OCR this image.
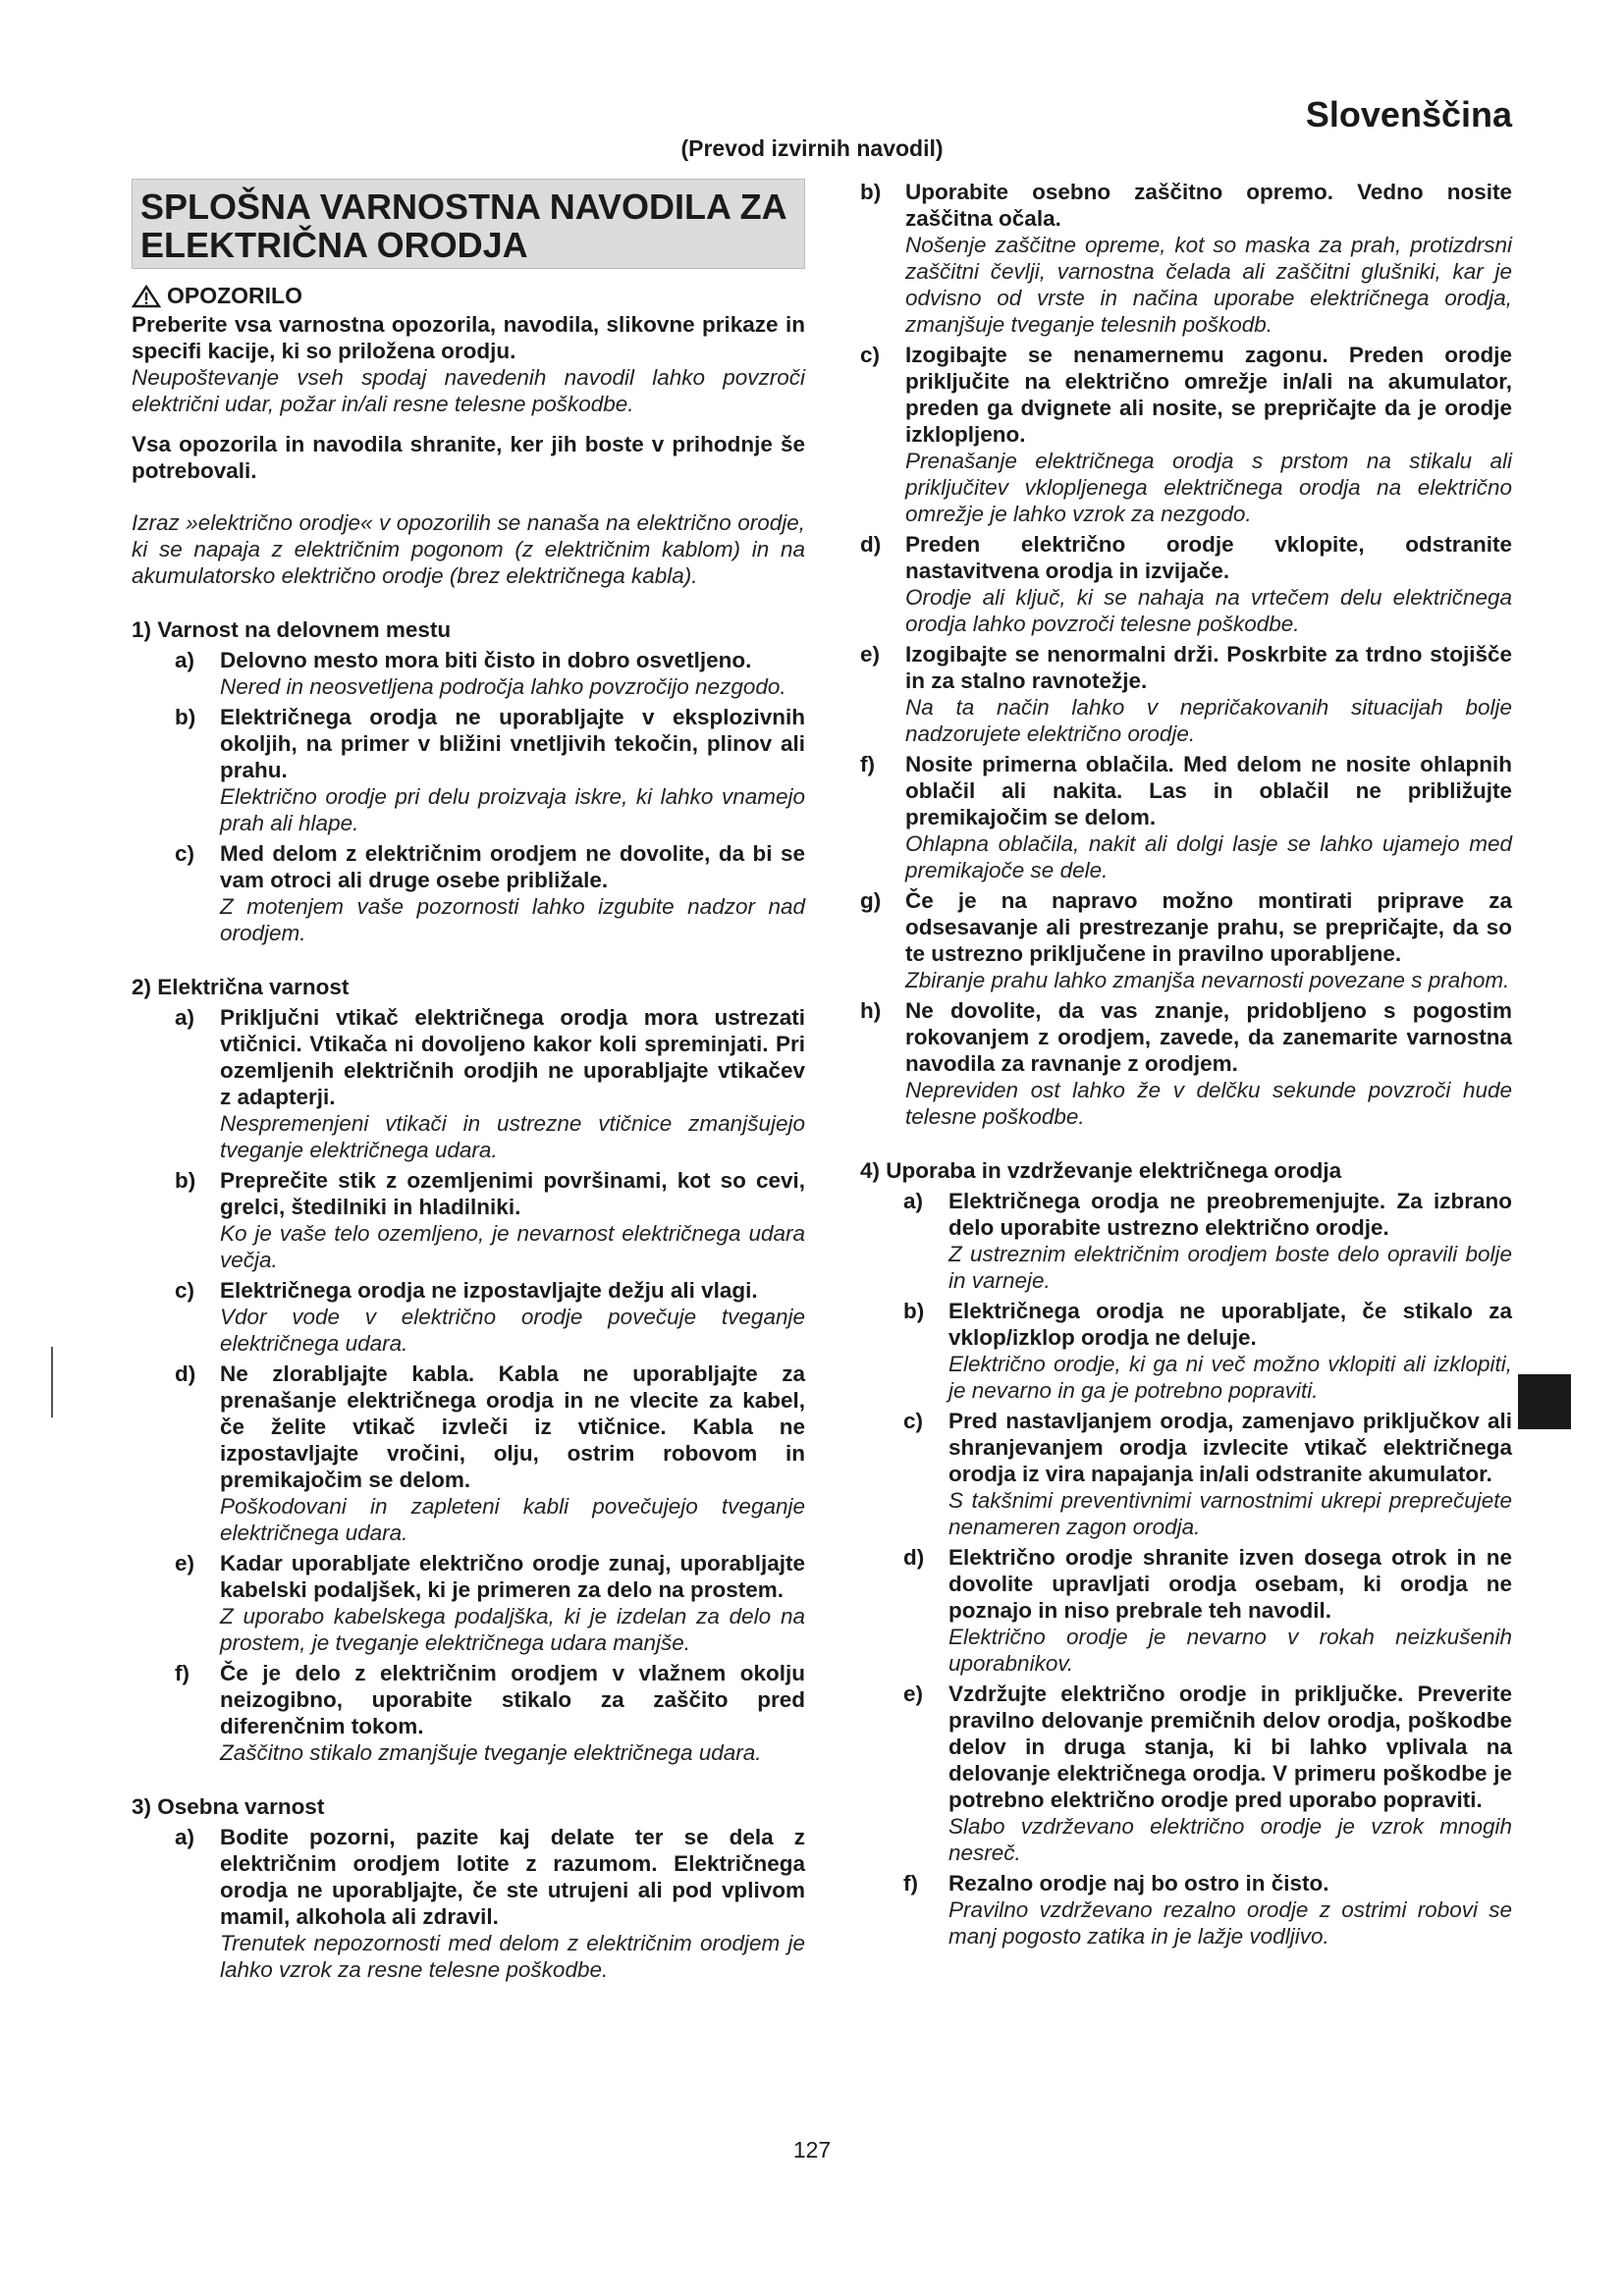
Slovenščina
(Prevod izvirnih navodil)
SPLOŠNA VARNOSTNA NAVODILA ZA ELEKTRIČNA ORODJA
OPOZORILO

Preberite vsa varnostna opozorila, navodila, slikovne prikaze in specifi kacije, ki so priložena orodju.

Neupoštevanje vseh spodaj navedenih navodil lahko povzroči električni udar, požar in/ali resne telesne poškodbe.

Vsa opozorila in navodila shranite, ker jih boste v prihodnje še potrebovali.

Izraz »električno orodje« v opozorilih se nanaša na električno orodje, ki se napaja z električnim pogonom (z električnim kablom) in na akumulatorsko električno orodje (brez električnega kabla).

1) Varnost na delovnem mestu
a)	Delovno mesto mora biti čisto in dobro osvetljeno.

Nered in neosvetljena področja lahko povzročijo nezgodo.

b)	Električnega orodja ne uporabljajte v eksplozivnih okoljih, na primer v bližini vnetljivih tekočin, plinov ali prahu.

Električno orodje pri delu proizvaja iskre, ki lahko vnamejo prah ali hlape.

c)	Med delom z električnim orodjem ne dovolite, da bi se vam otroci ali druge osebe približale.

Z motenjem vaše pozornosti lahko izgubite nadzor nad orodjem.

2) Električna varnost
a)	Priključni vtikač električnega orodja mora ustrezati vtičnici. Vtikača ni dovoljeno kakor koli spreminjati. Pri ozemljenih električnih orodjih ne uporabljajte vtikačev z adapterji.

Nespremenjeni vtikači in ustrezne vtičnice zmanjšujejo tveganje električnega udara.

b)	Preprečite stik z ozemljenimi površinami, kot so cevi, grelci, štedilniki in hladilniki.

Ko je vaše telo ozemljeno, je nevarnost električnega udara večja.

c)	Električnega orodja ne izpostavljajte dežju ali vlagi.

Vdor vode v električno orodje povečuje tveganje električnega udara.

d)	Ne zlorabljajte kabla. Kabla ne uporabljajte za prenašanje električnega orodja in ne vlecite za kabel, če želite vtikač izvleči iz vtičnice. Kabla ne izpostavljajte vročini, olju, ostrim robovom in premikajočim se delom.

Poškodovani in zapleteni kabli povečujejo tveganje električnega udara.

e)	Kadar uporabljate električno orodje zunaj, uporabljajte kabelski podaljšek, ki je primeren za delo na prostem.

Z uporabo kabelskega podaljška, ki je izdelan za delo na prostem, je tveganje električnega udara manjše.

f)	Če je delo z električnim orodjem v vlažnem okolju neizogibno, uporabite stikalo za zaščito pred diferenčnim tokom.

Zaščitno stikalo zmanjšuje tveganje električnega udara.

3) Osebna varnost
a)	Bodite pozorni, pazite kaj delate ter se dela z električnim orodjem lotite z razumom. Električnega orodja ne uporabljajte, če ste utrujeni ali pod vplivom mamil, alkohola ali zdravil.

Trenutek nepozornosti med delom z električnim orodjem je lahko vzrok za resne telesne poškodbe.

b)	Uporabite osebno zaščitno opremo. Vedno nosite zaščitna očala.

Nošenje zaščitne opreme, kot so maska za prah, protizdrsni zaščitni čevlji, varnostna čelada ali zaščitni glušniki, kar je odvisno od vrste in načina uporabe električnega orodja, zmanjšuje tveganje telesnih poškodb.

c)	Izogibajte se nenamernemu zagonu. Preden orodje priključite na električno omrežje in/ali na akumulator, preden ga dvignete ali nosite, se prepričajte da je orodje izklopljeno.

Prenašanje električnega orodja s prstom na stikalu ali priključitev vklopljenega električnega orodja na električno omrežje je lahko vzrok za nezgodo.

d)	Preden električno orodje vklopite, odstranite nastavitvena orodja in izvijače.

Orodje ali ključ, ki se nahaja na vrtečem delu električnega orodja lahko povzroči telesne poškodbe.

e)	Izogibajte se nenormalni drži. Poskrbite za trdno stojišče in za stalno ravnotežje.

Na ta način lahko v nepričakovanih situacijah bolje nadzorujete električno orodje.

f)	Nosite primerna oblačila. Med delom ne nosite ohlapnih oblačil ali nakita. Las in oblačil ne približujte premikajočim se delom.

Ohlapna oblačila, nakit ali dolgi lasje se lahko ujamejo med premikajoče se dele.

g)	Če je na napravo možno montirati priprave za odsesavanje ali prestrezanje prahu, se prepričajte, da so te ustrezno priključene in pravilno uporabljene.

Zbiranje prahu lahko zmanjša nevarnosti povezane s prahom.

h)	Ne dovolite, da vas znanje, pridobljeno s pogostim rokovanjem z orodjem, zavede, da zanemarite varnostna navodila za ravnanje z orodjem.

Nepreviden ost lahko že v delčku sekunde povzroči hude telesne poškodbe.

4) Uporaba in vzdrževanje električnega orodja
a)	Električnega orodja ne preobremenjujte. Za izbrano delo uporabite ustrezno električno orodje.

Z ustreznim električnim orodjem boste delo opravili bolje in varneje.

b)	Električnega orodja ne uporabljate, če stikalo za vklop/izklop orodja ne deluje.

Električno orodje, ki ga ni več možno vklopiti ali izklopiti, je nevarno in ga je potrebno popraviti.

c)	Pred nastavljanjem orodja, zamenjavo priključkov ali shranjevanjem orodja izvlecite vtikač električnega orodja iz vira napajanja in/ali odstranite akumulator.

S takšnimi preventivnimi varnostnimi ukrepi preprečujete nenameren zagon orodja.

d)	Električno orodje shranite izven dosega otrok in ne dovolite upravljati orodja osebam, ki orodja ne poznajo in niso prebrale teh navodil.

Električno orodje je nevarno v rokah neizkušenih uporabnikov.

e)	Vzdržujte električno orodje in priključke. Preverite pravilno delovanje premičnih delov orodja, poškodbe delov in druga stanja, ki bi lahko vplivala na delovanje električnega orodja. V primeru poškodbe je potrebno električno orodje pred uporabo popraviti.

Slabo vzdrževano električno orodje je vzrok mnogih nesreč.

f)	Rezalno orodje naj bo ostro in čisto.

Pravilno vzdrževano rezalno orodje z ostrimi robovi se manj pogosto zatika in je lažje vodljivo.

127
